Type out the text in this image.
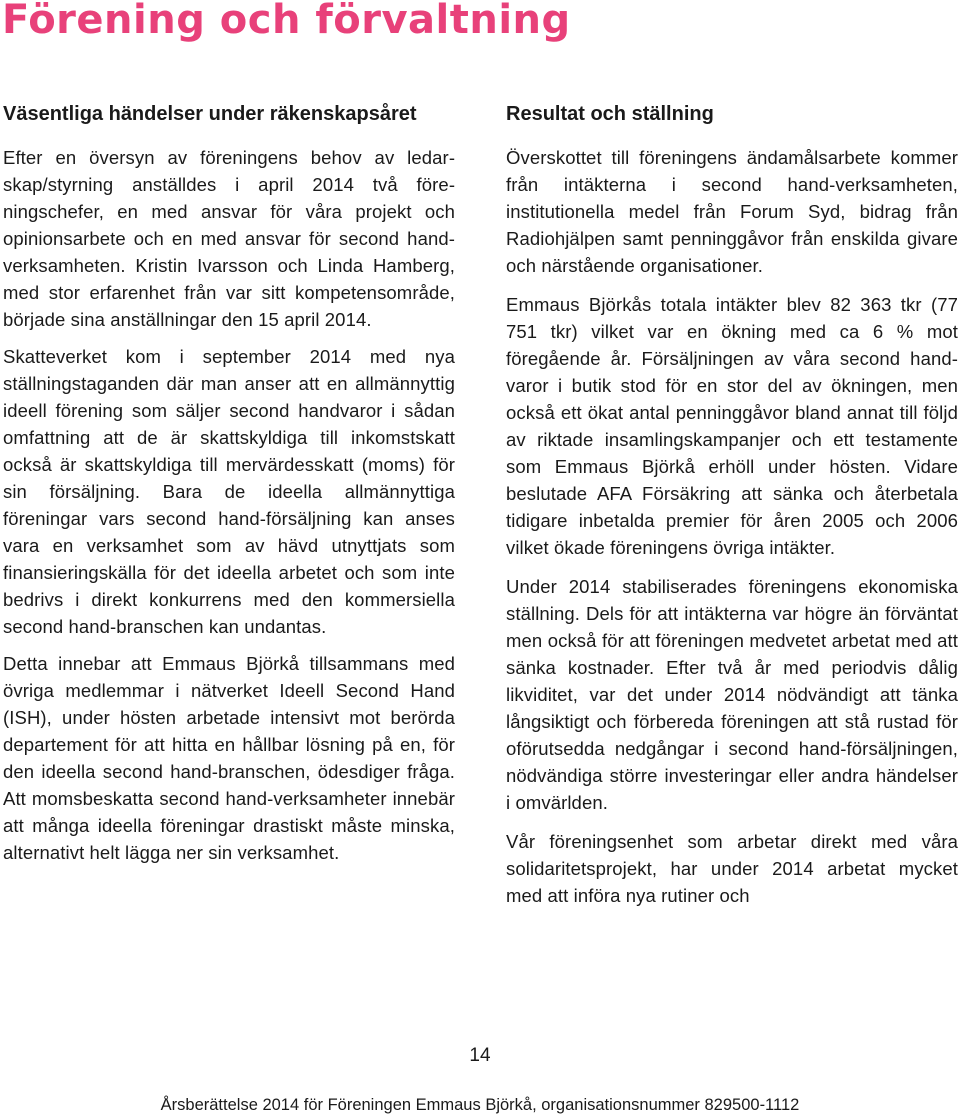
Förening och förvaltning
Väsentliga händelser under räkenskapsåret

Efter en översyn av föreningens behov av ledarskap/styrning anställdes i april 2014 två föreningschefer, en med ansvar för våra projekt och opinionsarbete och en med ansvar för second hand-verksamheten. Kristin Ivarsson och Linda Hamberg, med stor erfarenhet från var sitt kompetensområde, började sina anställningar den 15 april 2014.

Skatteverket kom i september 2014 med nya ställningstaganden där man anser att en allmännyttig ideell förening som säljer second handvaror i sådan omfattning att de är skattskyldiga till inkomstskatt också är skattskyldiga till mervärdesskatt (moms) för sin försäljning. Bara de ideella allmännyttiga föreningar vars second hand-försäljning kan anses vara en verksamhet som av hävd utnyttjats som finansieringskälla för det ideella arbetet och som inte bedrivs i direkt konkurrens med den kommersiella second hand-branschen kan undantas.

Detta innebar att Emmaus Björkå tillsammans med övriga medlemmar i nätverket Ideell Second Hand (ISH), under hösten arbetade intensivt mot berörda departement för att hitta en hållbar lösning på en, för den ideella second hand-branschen, ödesdiger fråga. Att momsbeskatta second hand-verksamheter innebär att många ideella föreningar drastiskt måste minska, alternativt helt lägga ner sin verksamhet.

Resultat och ställning

Överskottet till föreningens ändamålsarbete kommer från intäkterna i second hand-verksamheten, institutionella medel från Forum Syd, bidrag från Radiohjälpen samt penninggåvor från enskilda givare och närstående organisationer.

Emmaus Björkås totala intäkter blev 82 363 tkr (77 751 tkr) vilket var en ökning med ca 6 % mot föregående år. Försäljningen av våra second hand-varor i butik stod för en stor del av ökningen, men också ett ökat antal penninggåvor bland annat till följd av riktade insamlingskampanjer och ett testamente som Emmaus Björkå erhöll under hösten. Vidare beslutade AFA Försäkring att sänka och återbetala tidigare inbetalda premier för åren 2005 och 2006 vilket ökade föreningens övriga intäkter.

Under 2014 stabiliserades föreningens ekonomiska ställning. Dels för att intäkterna var högre än förväntat men också för att föreningen medvetet arbetat med att sänka kostnader. Efter två år med periodvis dålig likviditet, var det under 2014 nödvändigt att tänka långsiktigt och förbereda föreningen att stå rustad för oförutsedda nedgångar i second hand-försäljningen, nödvändiga större investeringar eller andra händelser i omvärlden.

Vår föreningsenhet som arbetar direkt med våra solidaritetsprojekt, har under 2014 arbetat mycket med att införa nya rutiner och

14
Årsberättelse 2014 för Föreningen Emmaus Björkå, organisationsnummer 829500-1112
